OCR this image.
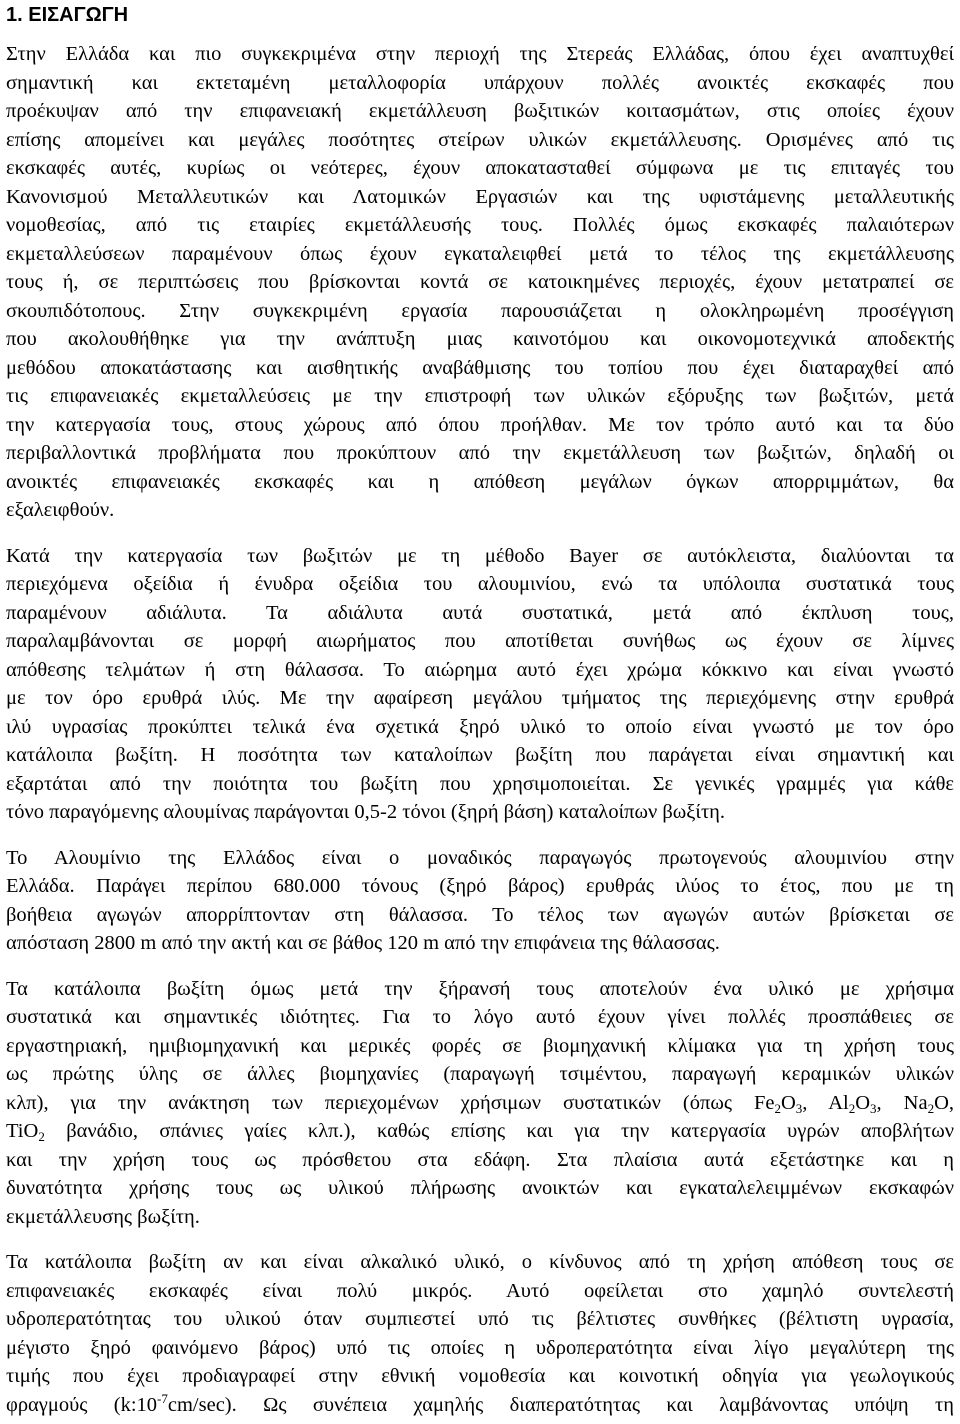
1. ΕΙΣΑΓΩΓΗ
Στην Ελλάδα και πιο συγκεκριμένα στην περιοχή της Στερεάς Ελλάδας, όπου έχει αναπτυχθεί
σημαντική και εκτεταμένη μεταλλοφορία υπάρχουν πολλές ανοικτές εκσκαφές που
προέκυψαν από την επιφανειακή εκμετάλλευση βωξιτικών κοιτασμάτων, στις οποίες έχουν
επίσης απομείνει και μεγάλες ποσότητες στείρων υλικών εκμετάλλευσης. Ορισμένες από τις
εκσκαφές αυτές, κυρίως οι νεότερες, έχουν αποκατασταθεί σύμφωνα με τις επιταγές του
Κανονισμού Μεταλλευτικών και Λατομικών Εργασιών και της υφιστάμενης μεταλλευτικής
νομοθεσίας, από τις εταιρίες εκμετάλλευσής τους. Πολλές όμως εκσκαφές παλαιότερων
εκμεταλλεύσεων παραμένουν όπως έχουν εγκαταλειφθεί μετά το τέλος της εκμετάλλευσης
τους ή, σε περιπτώσεις που βρίσκονται κοντά σε κατοικημένες περιοχές, έχουν μετατραπεί σε
σκουπιδότοπους. Στην συγκεκριμένη εργασία παρουσιάζεται η ολοκληρωμένη προσέγγιση
που ακολουθήθηκε για την ανάπτυξη μιας καινοτόμου και οικονομοτεχνικά αποδεκτής
μεθόδου αποκατάστασης και αισθητικής αναβάθμισης του τοπίου που έχει διαταραχθεί από
τις επιφανειακές εκμεταλλεύσεις με την επιστροφή των υλικών εξόρυξης των βωξιτών, μετά
την κατεργασία τους, στους χώρους από όπου προήλθαν. Με τον τρόπο αυτό και τα δύο
περιβαλλοντικά προβλήματα που προκύπτουν από την εκμετάλλευση των βωξιτών, δηλαδή οι
ανοικτές επιφανειακές εκσκαφές και η απόθεση μεγάλων όγκων απορριμμάτων, θα
εξαλειφθούν.
Κατά την κατεργασία των βωξιτών με τη μέθοδο Bayer σε αυτόκλειστα, διαλύονται τα
περιεχόμενα οξείδια ή ένυδρα οξείδια του αλουμινίου, ενώ τα υπόλοιπα συστατικά τους
παραμένουν αδιάλυτα. Τα αδιάλυτα αυτά συστατικά, μετά από έκπλυση τους,
παραλαμβάνονται σε μορφή αιωρήματος που αποτίθεται συνήθως ως έχουν σε λίμνες
απόθεσης τελμάτων ή στη θάλασσα. Το αιώρημα αυτό έχει χρώμα κόκκινο και είναι γνωστό
με τον όρο ερυθρά ιλύς. Με την αφαίρεση μεγάλου τμήματος της περιεχόμενης στην ερυθρά
ιλύ υγρασίας προκύπτει τελικά ένα σχετικά ξηρό υλικό το οποίο είναι γνωστό με τον όρο
κατάλοιπα βωξίτη. Η ποσότητα των καταλοίπων βωξίτη που παράγεται είναι σημαντική και
εξαρτάται από την ποιότητα του βωξίτη που χρησιμοποιείται. Σε γενικές γραμμές για κάθε
τόνο παραγόμενης αλουμίνας παράγονται 0,5-2 τόνοι (ξηρή βάση) καταλοίπων βωξίτη.
Το Αλουμίνιο της Ελλάδος είναι ο μοναδικός παραγωγός πρωτογενούς αλουμινίου στην
Ελλάδα. Παράγει περίπου 680.000 τόνους (ξηρό βάρος) ερυθράς ιλύος το έτος, που με τη
βοήθεια αγωγών απορρίπτονταν στη θάλασσα. Το τέλος των αγωγών αυτών βρίσκεται σε
απόσταση 2800 m από την ακτή και σε βάθος 120 m από την επιφάνεια της θάλασσας.
Τα κατάλοιπα βωξίτη όμως μετά την ξήρανσή τους αποτελούν ένα υλικό με χρήσιμα
συστατικά και σημαντικές ιδιότητες. Για το λόγο αυτό έχουν γίνει πολλές προσπάθειες σε
εργαστηριακή, ημιβιομηχανική και μερικές φορές σε βιομηχανική κλίμακα για τη χρήση τους
ως πρώτης ύλης σε άλλες βιομηχανίες (παραγωγή τσιμέντου, παραγωγή κεραμικών υλικών
κλπ), για την ανάκτηση των περιεχομένων χρήσιμων συστατικών (όπως $Fe_2O_3$, $Al_2O_3$, $Na_2O$,
TiO$_2$ βανάδιο, σπάνιες γαίες κλπ.), καθώς επίσης και για την κατεργασία υγρών αποβλήτων
και την χρήση τους ως πρόσθετου στα εδάφη. Στα πλαίσια αυτά εξετάστηκε και η
δυνατότητα χρήσης τους ως υλικού πλήρωσης ανοικτών και εγκαταλελειμμένων εκσκαφών
εκμετάλλευσης βωξίτη.
Τα κατάλοιπα βωξίτη αν και είναι αλκαλικό υλικό, ο κίνδυνος από τη χρήση απόθεση τους σε
επιφανειακές εκσκαφές είναι πολύ μικρός. Αυτό οφείλεται στο χαμηλό συντελεστή
υδροπερατότητας του υλικού όταν συμπιεστεί υπό τις βέλτιστες συνθήκες (βέλτιστη υγρασία,
μέγιστο ξηρό φαινόμενο βάρος) υπό τις οποίες η υδροπερατότητα είναι λίγο μεγαλύτερη της
τιμής που έχει προδιαγραφεί στην εθνική νομοθεσία και κοινοτική οδηγία για γεωλογικούς
φραγμούς $(k:10^{-7}cm/\sec)$. Ως συνέπεια χαμηλής διαπερατότητας και λαμβάνοντας υπόψη τη
